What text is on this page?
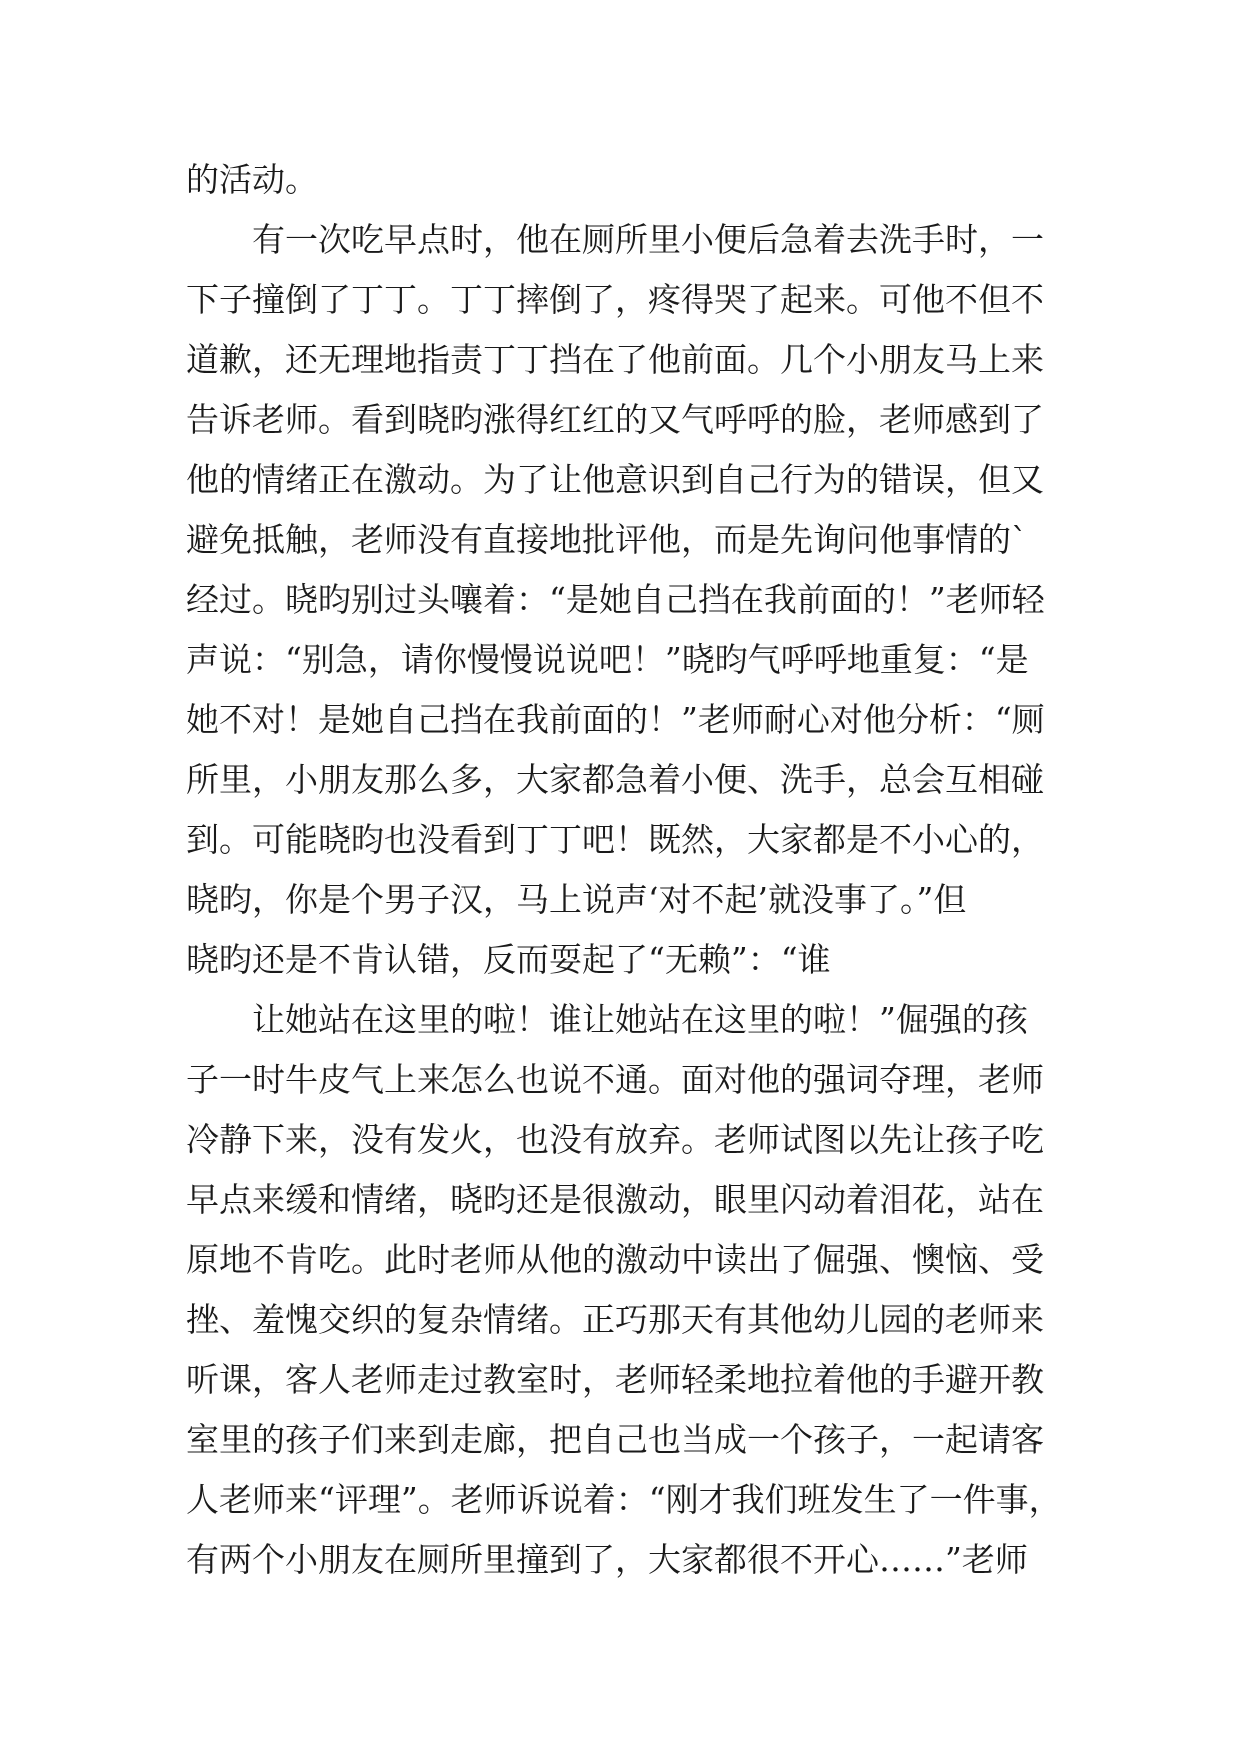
的活动。
　　有一次吃早点时，他在厕所里小便后急着去洗手时，一
下子撞倒了丁丁。丁丁摔倒了，疼得哭了起来。可他不但不
道歉，还无理地指责丁丁挡在了他前面。几个小朋友马上来
告诉老师。看到晓昀涨得红红的又气呼呼的脸，老师感到了
他的情绪正在激动。为了让他意识到自己行为的错误，但又
避免抵触，老师没有直接地批评他，而是先询问他事情的`
经过。晓昀别过头嚷着：“是她自己挡在我前面的！”老师轻
声说：“别急，请你慢慢说说吧！”晓昀气呼呼地重复：“是
她不对！是她自己挡在我前面的！”老师耐心对他分析：“厕
所里，小朋友那么多，大家都急着小便、洗手，总会互相碰
到。可能晓昀也没看到丁丁吧！既然，大家都是不小心的，
晓昀，你是个男子汉，马上说声‘对不起’就没事了。”但
晓昀还是不肯认错，反而耍起了“无赖”：“谁
　　让她站在这里的啦！谁让她站在这里的啦！”倔强的孩
子一时牛皮气上来怎么也说不通。面对他的强词夺理，老师
冷静下来，没有发火，也没有放弃。老师试图以先让孩子吃
早点来缓和情绪，晓昀还是很激动，眼里闪动着泪花，站在
原地不肯吃。此时老师从他的激动中读出了倔强、懊恼、受
挫、羞愧交织的复杂情绪。正巧那天有其他幼儿园的老师来
听课，客人老师走过教室时，老师轻柔地拉着他的手避开教
室里的孩子们来到走廊，把自己也当成一个孩子，一起请客
人老师来“评理”。老师诉说着：“刚才我们班发生了一件事，
有两个小朋友在厕所里撞到了，大家都很不开心……”老师
